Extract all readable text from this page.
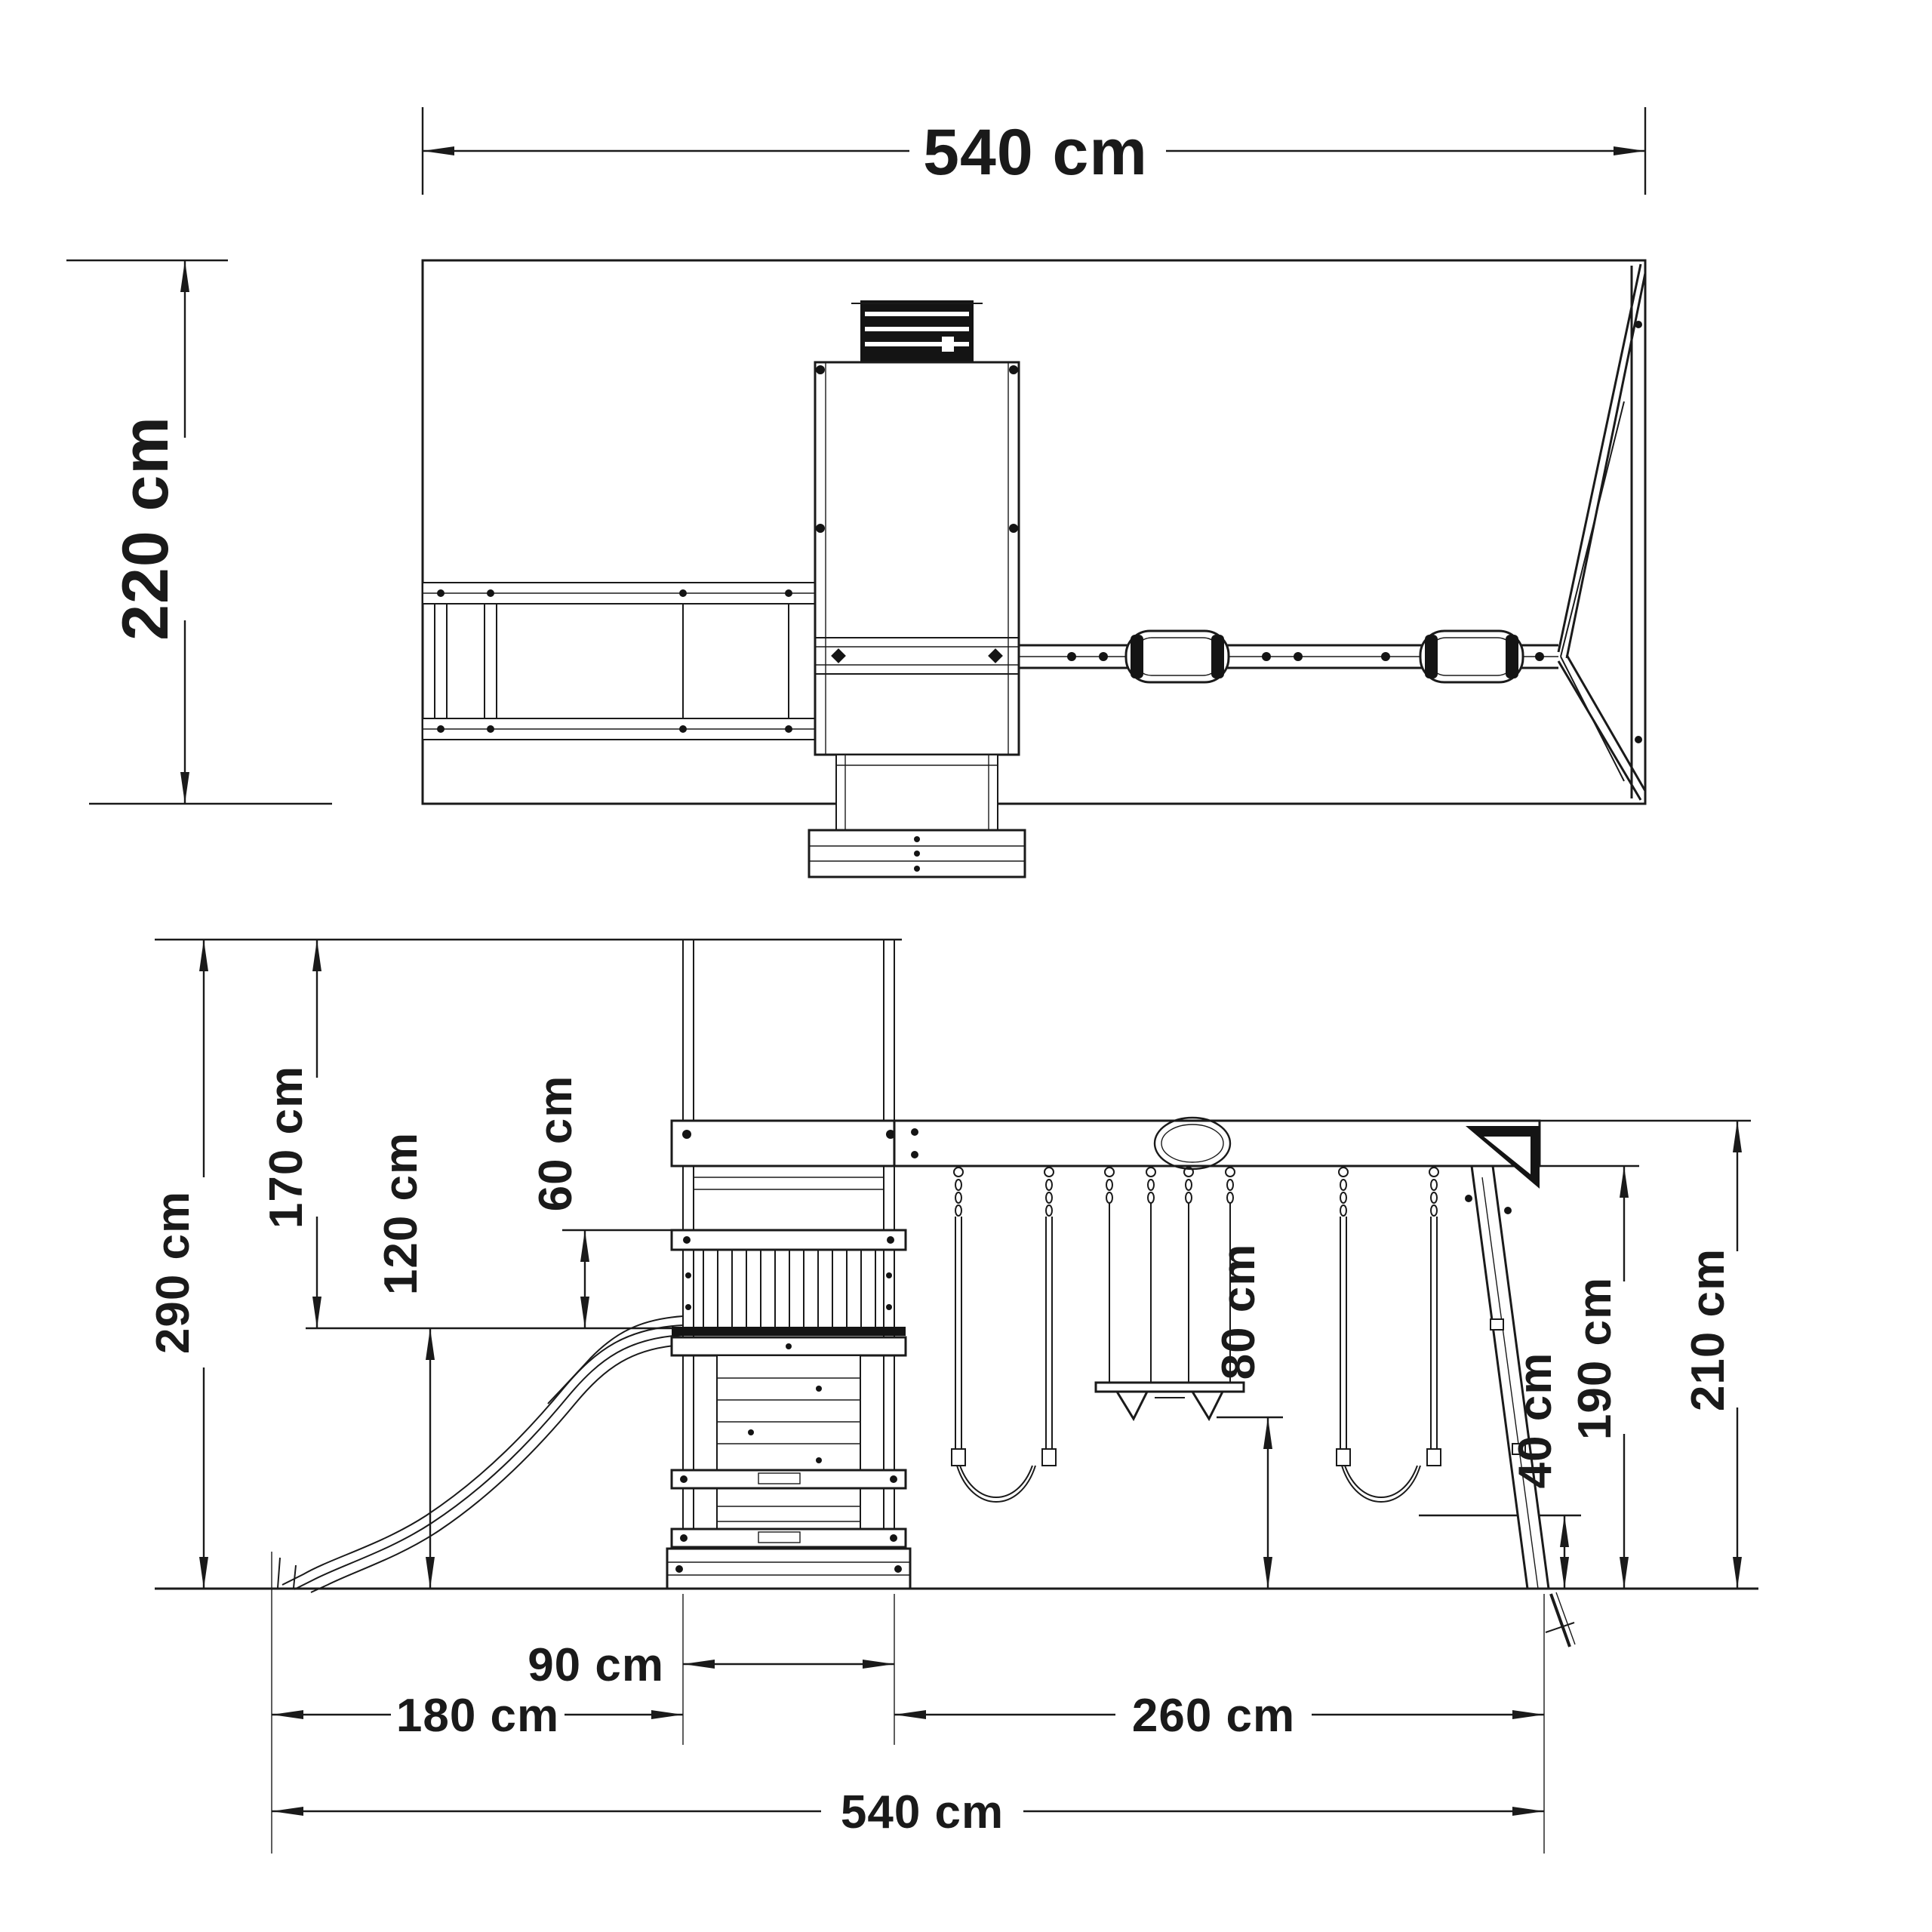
540 cm
220 cm
290 cm
170 cm 120 cm 60 cm
80 cm
40 cm 190 cm 210 cm
90 cm
180 cm	260 cm
540 cm
